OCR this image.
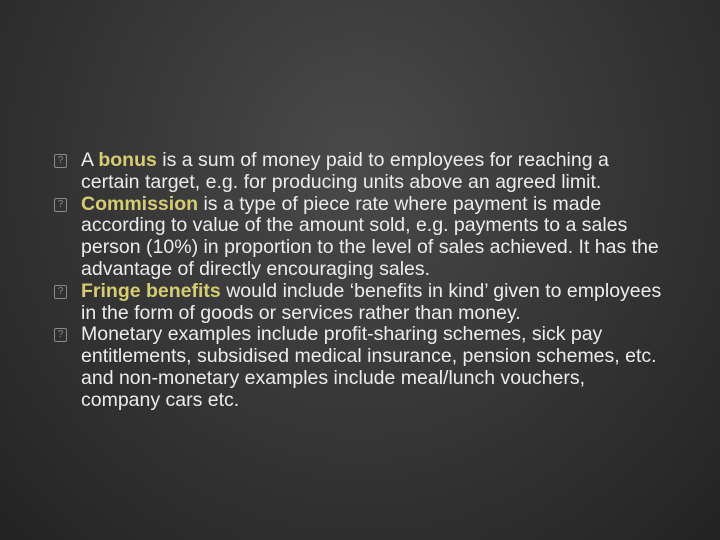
? A bonus is a sum of money paid to employees for reaching a certain target, e.g. for producing units above an agreed limit.
? Commission is a type of piece rate where payment is made according to value of the amount sold, e.g. payments to a sales person (10%) in proportion to the level of sales achieved. It has the advantage of directly encouraging sales.
? Fringe benefits would include ‘benefits in kind’ given to employees in the form of goods or services rather than money.
? Monetary examples include profit-sharing schemes, sick pay entitlements, subsidised medical insurance, pension schemes, etc. and non-monetary examples include meal/lunch vouchers, company cars etc.
